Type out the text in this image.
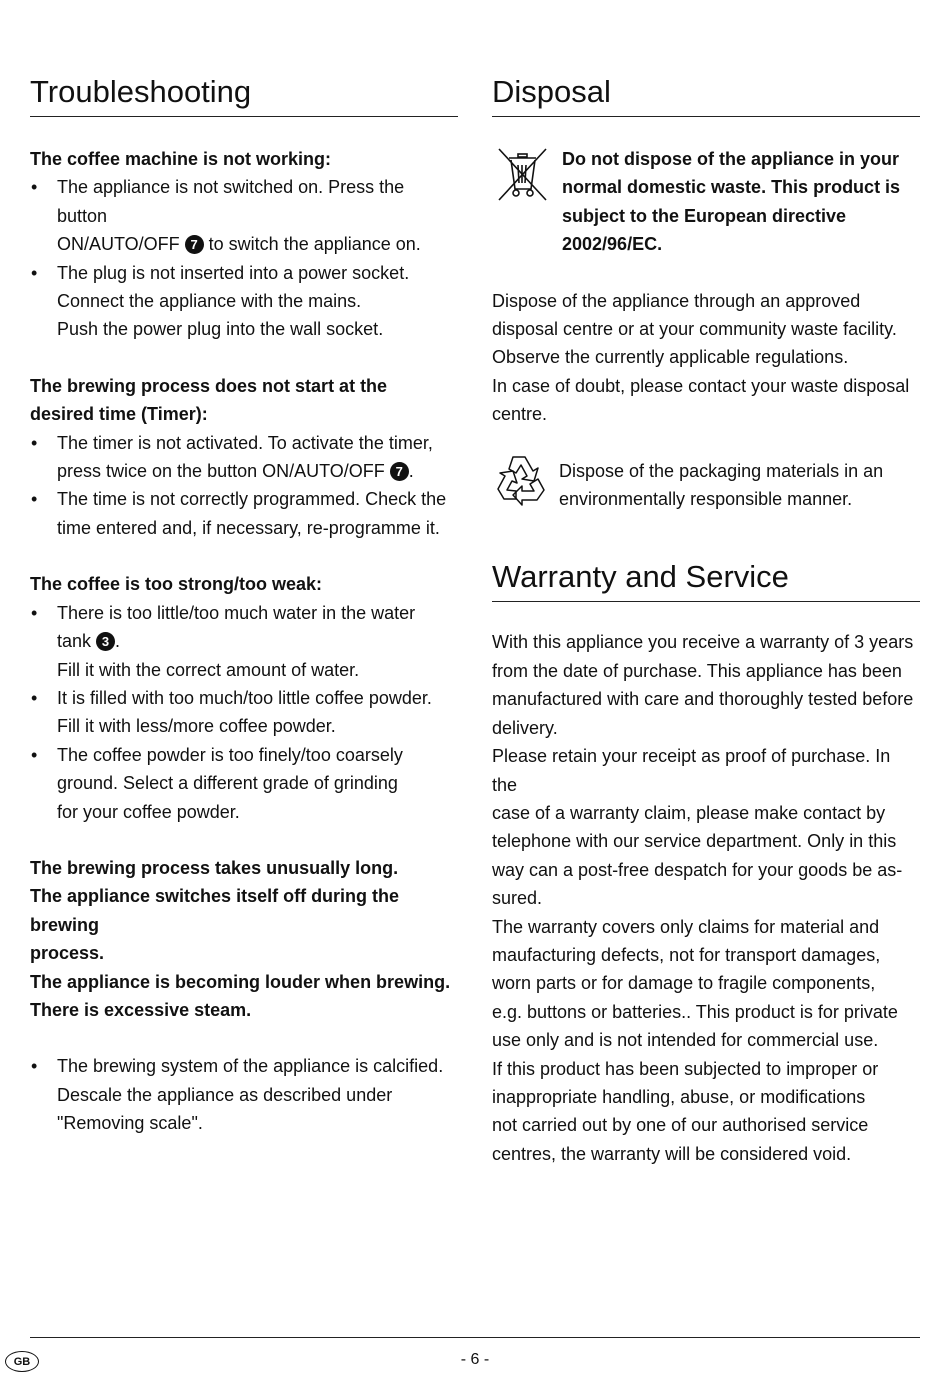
Troubleshooting
The coffee machine is not working:
• The appliance is not switched on. Press the button
ON/AUTO/OFF 7 to switch the appliance on.
• The plug is not inserted into a power socket.
Connect the appliance with the mains.
Push the power plug into the wall socket.
The brewing process does not start at the
desired time (Timer):
• The timer is not activated. To activate the timer,
press twice on the button ON/AUTO/OFF 7 .
• The time is not correctly programmed. Check the
time entered and, if necessary, re-programme it.
The coffee is too strong/too weak:
• There is too little/too much water in the water
tank 3 .
Fill it with the correct amount of water.
• It is filled with too much/too little coffee powder.
Fill it with less/more coffee powder.
• The coffee powder is too finely/too coarsely
ground. Select a different grade of grinding
for your coffee powder.
The brewing process takes unusually long.
The appliance switches itself off during the brewing
process.
The appliance is becoming louder when brewing.
There is excessive steam.
• The brewing system of the appliance is calcified.
Descale the appliance as described under
"Removing scale".
Disposal
Do not dispose of the appliance in your
normal domestic waste. This product is
subject to the European directive
2002/96/EC.
Dispose of the appliance through an approved
disposal centre or at your community waste facility.
Observe the currently applicable regulations.
In case of doubt, please contact your waste disposal
centre.
Dispose of the packaging materials in an
environmentally responsible manner.
Warranty and Service
With this appliance you receive a warranty of 3 years
from the date of purchase. This appliance has been
manufactured with care and thoroughly tested before
delivery.
Please retain your receipt as proof of purchase. In the
case of a warranty claim, please make contact by
telephone with our service department. Only in this
way can a post-free despatch for your goods be as-
sured.
The warranty covers only claims for material and
maufacturing defects, not for transport damages,
worn parts or for damage to fragile components,
e.g. buttons or batteries.. This product is for private
use only and is not intended for commercial use.
If this product has been subjected to improper or
inappropriate handling, abuse, or modifications
not carried out by one of our authorised service
centres, the warranty will be considered void.
GB	- 6 -
